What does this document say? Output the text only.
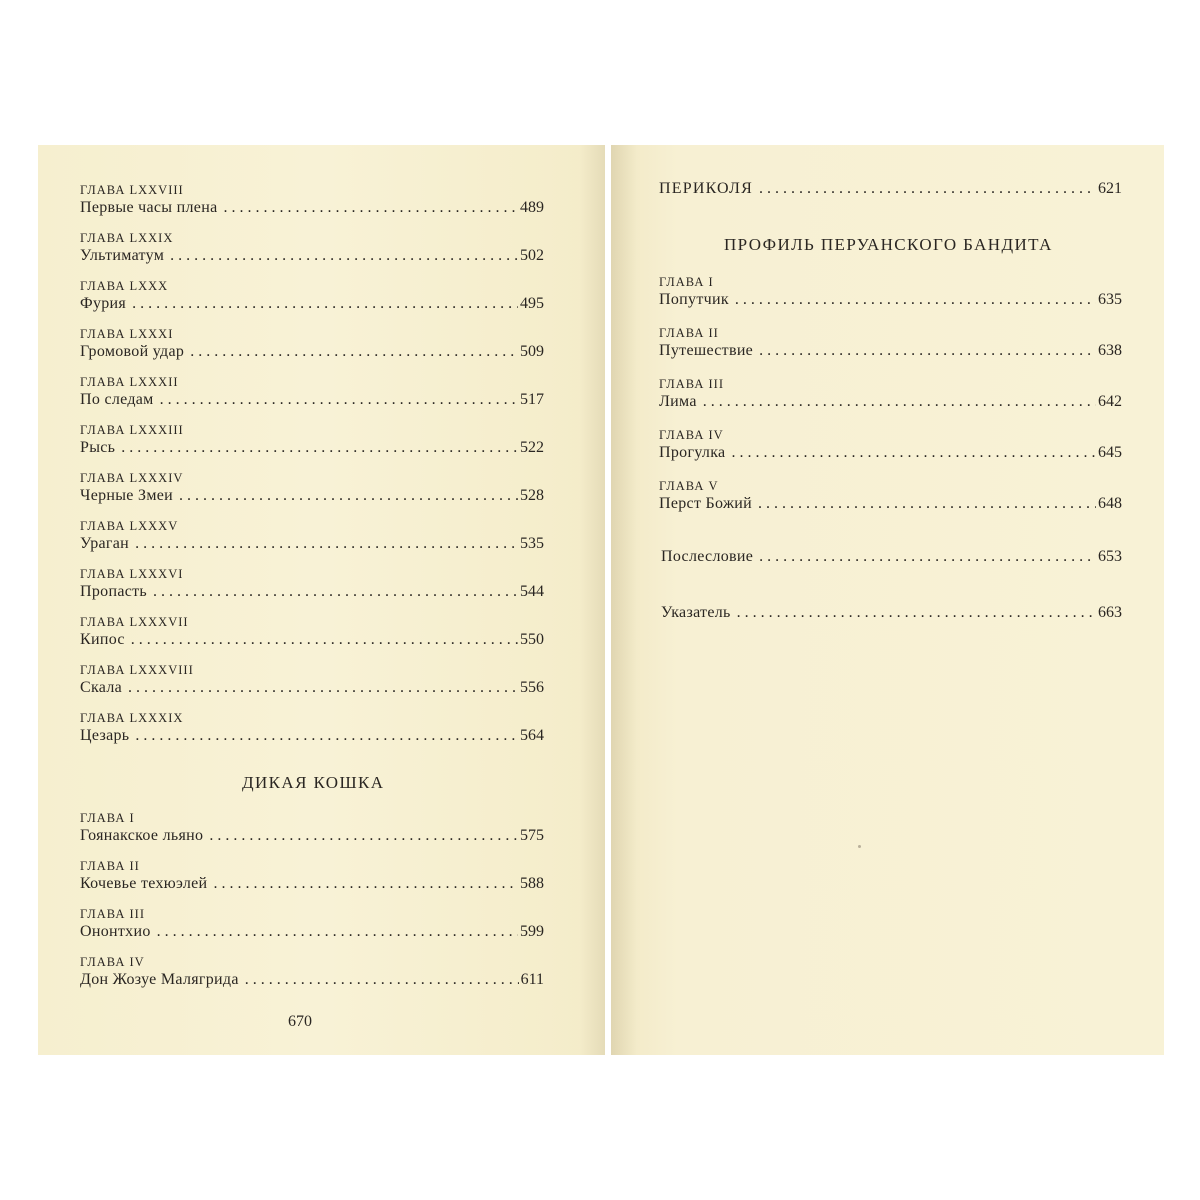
ГЛАВА LXXVIII
Первые часы плена . . .	489
ГЛАВА LXXIX
Ультиматум . . .	502
ГЛАВА LXXX
Фурия . . .	495
ГЛАВА LXXXI
Громовой удар . . .	509
ГЛАВА LXXXII
По следам . . .	517
ГЛАВА LXXXIII
Рысь . . .	522
ГЛАВА LXXXIV
Черные Змеи . . .	528
ГЛАВА LXXXV
Ураган . . .	535
ГЛАВА LXXXVI
Пропасть . . .	544
ГЛАВА LXXXVII
Кипос . . .	550
ГЛАВА LXXXVIII
Скала . . .	556
ГЛАВА LXXXIX
Цезарь . . .	564
ДИКАЯ КОШКА
ГЛАВА I
Гоянакское льяно . . .	575
ГЛАВА II
Кочевье техюэлей . . .	588
ГЛАВА III
Ононтхио . . .	599
ГЛАВА IV
Дон Жозуе Малягрида . . .	611
670
ПЕРИКОЛЯ . . .	621
ПРОФИЛЬ ПЕРУАНСКОГО БАНДИТА
ГЛАВА I
Попутчик . . .	635
ГЛАВА II
Путешествие . . .	638
ГЛАВА III
Лима . . .	642
ГЛАВА IV
Прогулка . . .	645
ГЛАВА V
Перст Божий . . .	648
Послесловие . . .	653
Указатель . . .	663
